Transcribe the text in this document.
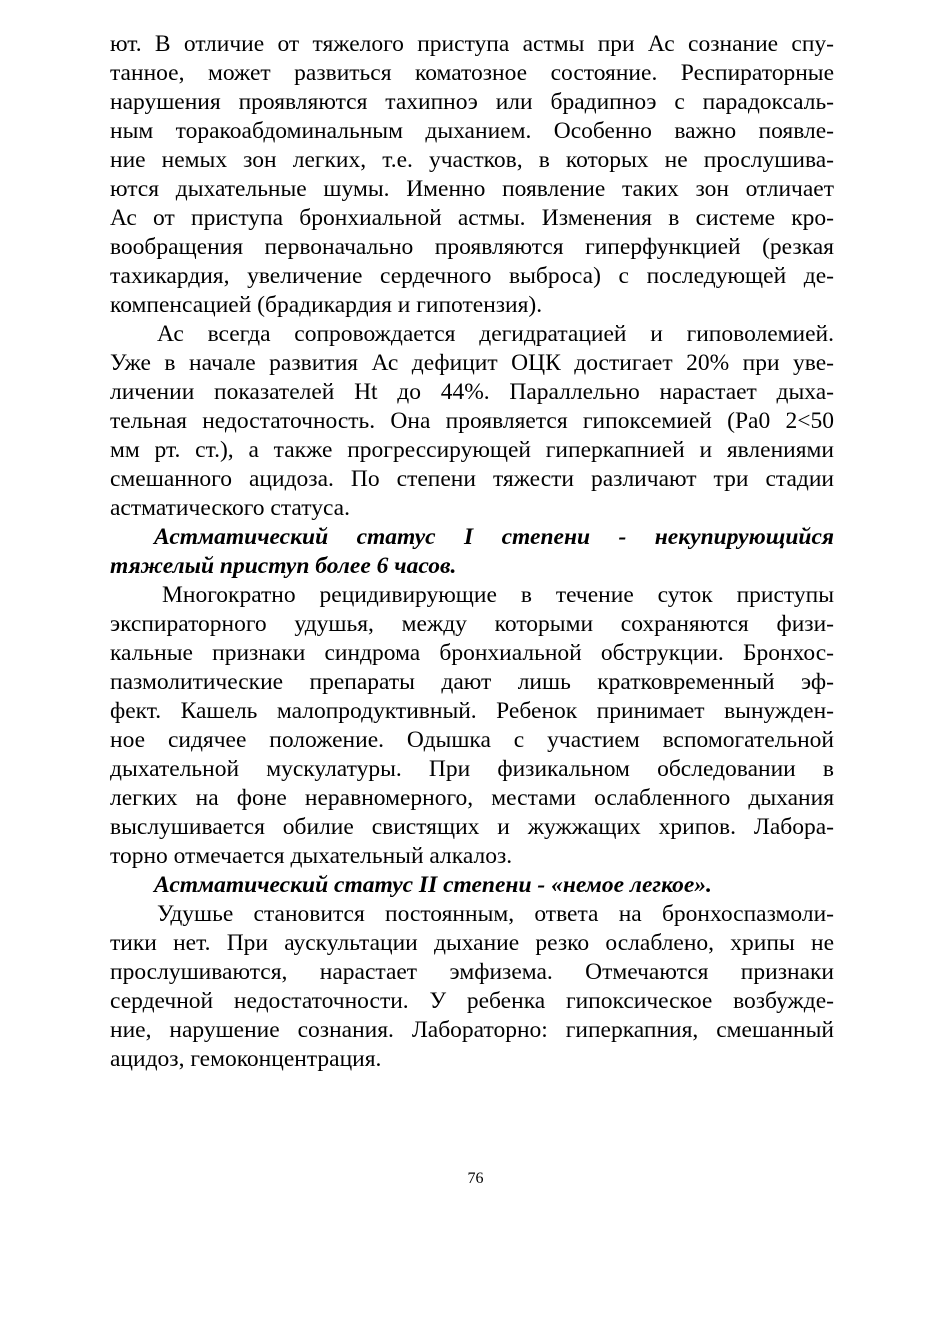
ют. В отличие от тяжелого приступа астмы при Ас сознание спу-
танное, может развиться коматозное состояние. Респираторные
нарушения проявляются тахипноэ или брадипноэ с парадоксаль-
ным торакоабдоминальным дыханием. Особенно важно появле-
ние немых зон легких, т.е. участков, в которых не прослушива-
ются дыхательные шумы. Именно появление таких зон отличает
Ас от приступа бронхиальной астмы. Изменения в системе кро-
вообращения первоначально проявляются гиперфункцией (резкая
тахикардия, увеличение сердечного выброса) с последующей де-
компенсацией (брадикардия и гипотензия).
Ас всегда сопровождается дегидратацией и гиповолемией.
Уже в начале развития Ас дефицит ОЦК достигает 20% при уве-
личении показателей Ht до 44%. Параллельно нарастает дыха-
тельная недостаточность. Она проявляется гипоксемией (Ра0 2<50
мм рт. ст.), а также прогрессирующей гиперкапнией и явлениями
смешанного ацидоза. По степени тяжести различают три стадии
астматического статуса.
Астматический статус I степени - некупирующийся
тяжелый приступ более 6 часов.
Многократно рецидивирующие в течение суток приступы
экспираторного удушья, между которыми сохраняются физи-
кальные признаки синдрома бронхиальной обструкции. Бронхос-
пазмолитические препараты дают лишь кратковременный эф-
фект. Кашель малопродуктивный. Ребенок принимает вынужден-
ное сидячее положение. Одышка с участием вспомогательной
дыхательной мускулатуры. При физикальном обследовании в
легких на фоне неравномерного, местами ослабленного дыхания
выслушивается обилие свистящих и жужжащих хрипов. Лабора-
торно отмечается дыхательный алкалоз.
Астматический статус II степени - «немое легкое».
Удушье становится постоянным, ответа на бронхоспазмоли-
тики нет. При аускультации дыхание резко ослаблено, хрипы не
прослушиваются, нарастает эмфизема. Отмечаются признаки
сердечной недостаточности. У ребенка гипоксическое возбужде-
ние, нарушение сознания. Лабораторно: гиперкапния, смешанный
ацидоз, гемоконцентрация.
76
